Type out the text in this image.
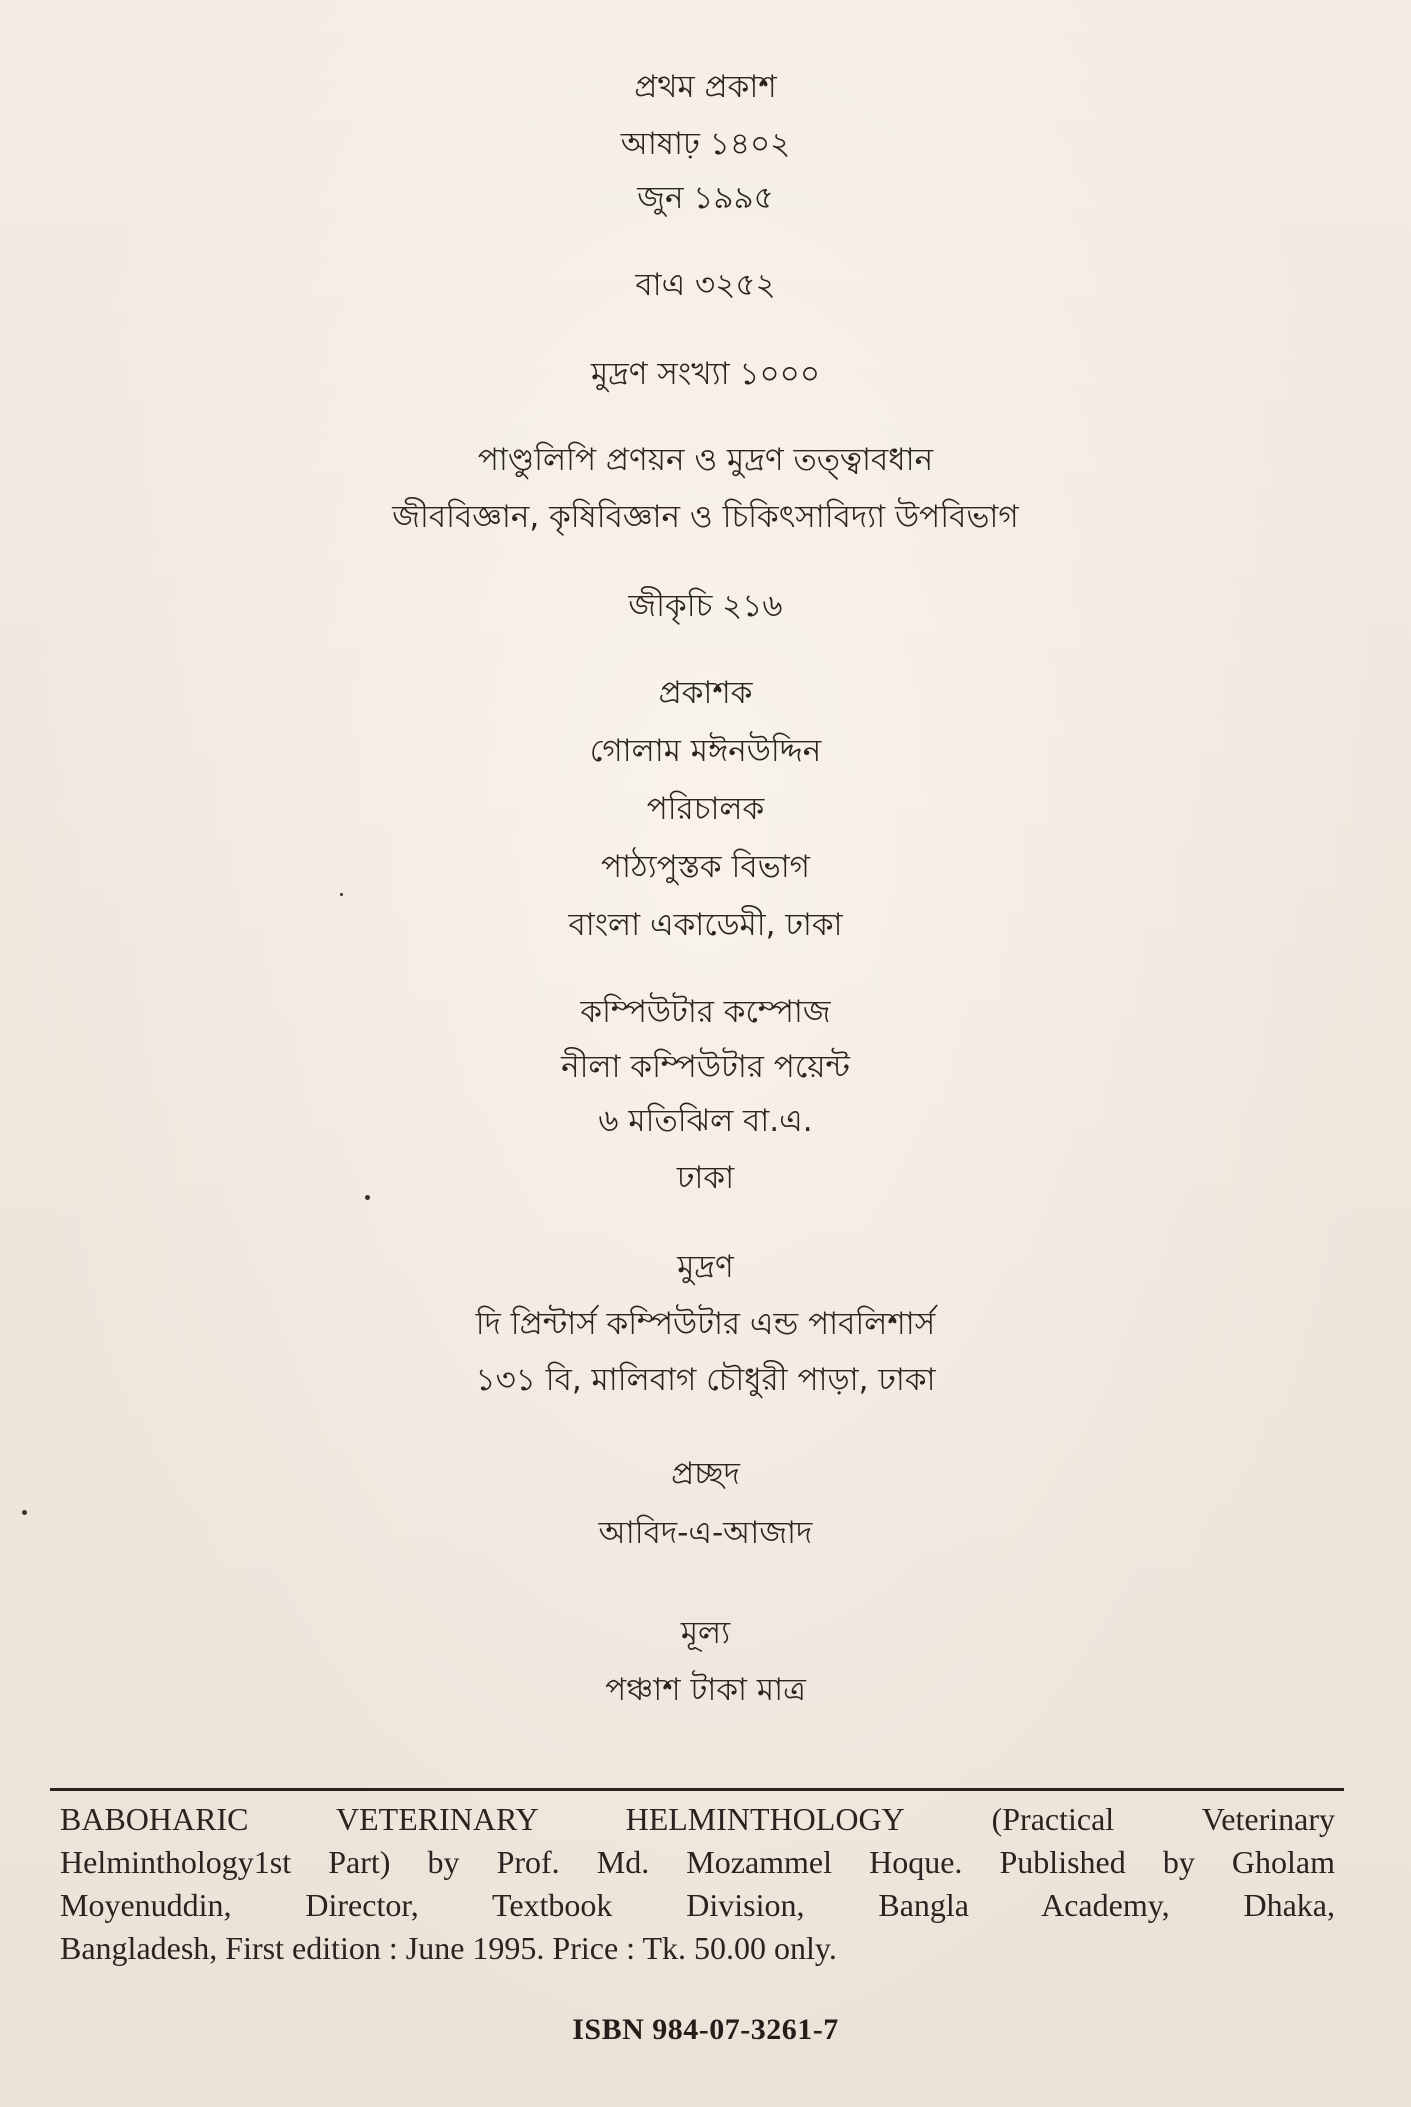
প্রথম প্রকাশ
আষাঢ় ১৪০২
জুন ১৯৯৫
বাএ ৩২৫২
মুদ্রণ সংখ্যা ১০০০
পাণ্ডুলিপি প্রণয়ন ও মুদ্রণ তত্ত্বাবধান
জীববিজ্ঞান, কৃষিবিজ্ঞান ও চিকিৎসাবিদ্যা উপবিভাগ
জীকৃচি ২১৬
প্রকাশক
গোলাম মঈনউদ্দিন
পরিচালক
পাঠ্যপুস্তক বিভাগ
বাংলা একাডেমী, ঢাকা
কম্পিউটার কম্পোজ
নীলা কম্পিউটার পয়েন্ট
৬ মতিঝিল বা.এ.
ঢাকা
মুদ্রণ
দি প্রিন্টার্স কম্পিউটার এন্ড পাবলিশার্স
১৩১ বি, মালিবাগ চৌধুরী পাড়া, ঢাকা
প্রচ্ছদ
আবিদ-এ-আজাদ
মূল্য
পঞ্চাশ টাকা মাত্র
BABOHARIC VETERINARY HELMINTHOLOGY (Practical Veterinary
Helminthology1st Part) by Prof. Md. Mozammel Hoque. Published by Gholam
Moyenuddin, Director, Textbook Division, Bangla Academy, Dhaka,
Bangladesh, First edition : June 1995. Price : Tk. 50.00 only.
ISBN 984-07-3261-7
